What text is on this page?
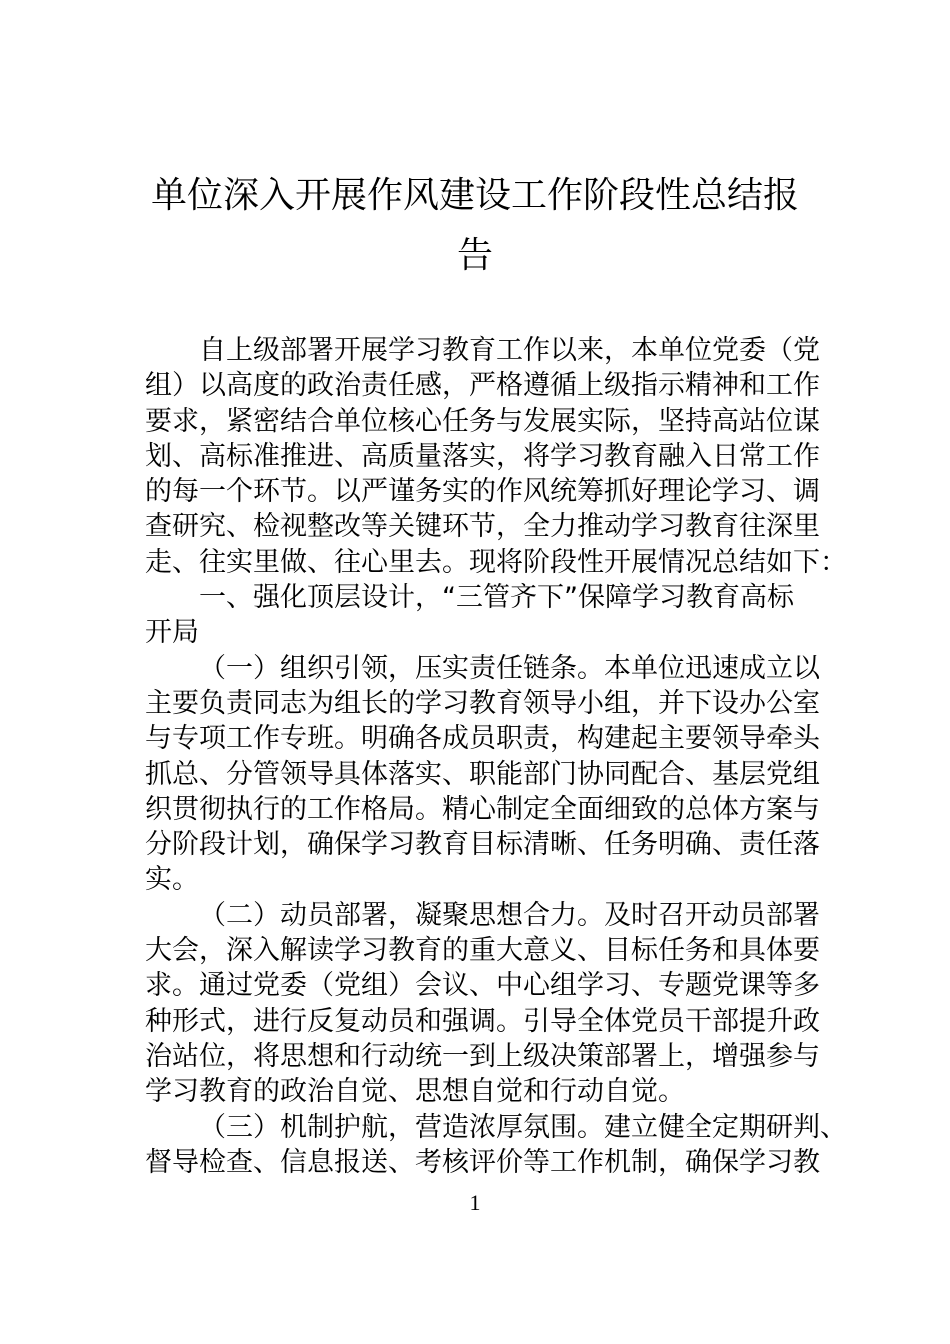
单位深入开展作风建设工作阶段性总结报
告
自上级部署开展学习教育工作以来，本单位党委（党
组）以高度的政治责任感，严格遵循上级指示精神和工作
要求，紧密结合单位核心任务与发展实际，坚持高站位谋
划、高标准推进、高质量落实，将学习教育融入日常工作
的每一个环节。以严谨务实的作风统筹抓好理论学习、调
查研究、检视整改等关键环节，全力推动学习教育往深里
走、往实里做、往心里去。现将阶段性开展情况总结如下：
一、强化顶层设计，“三管齐下”保障学习教育高标
开局
（一）组织引领，压实责任链条。本单位迅速成立以
主要负责同志为组长的学习教育领导小组，并下设办公室
与专项工作专班。明确各成员职责，构建起主要领导牵头
抓总、分管领导具体落实、职能部门协同配合、基层党组
织贯彻执行的工作格局。精心制定全面细致的总体方案与
分阶段计划，确保学习教育目标清晰、任务明确、责任落
实。
（二）动员部署，凝聚思想合力。及时召开动员部署
大会，深入解读学习教育的重大意义、目标任务和具体要
求。通过党委（党组）会议、中心组学习、专题党课等多
种形式，进行反复动员和强调。引导全体党员干部提升政
治站位，将思想和行动统一到上级决策部署上，增强参与
学习教育的政治自觉、思想自觉和行动自觉。
（三）机制护航，营造浓厚氛围。建立健全定期研判、
督导检查、信息报送、考核评价等工作机制，确保学习教
1
